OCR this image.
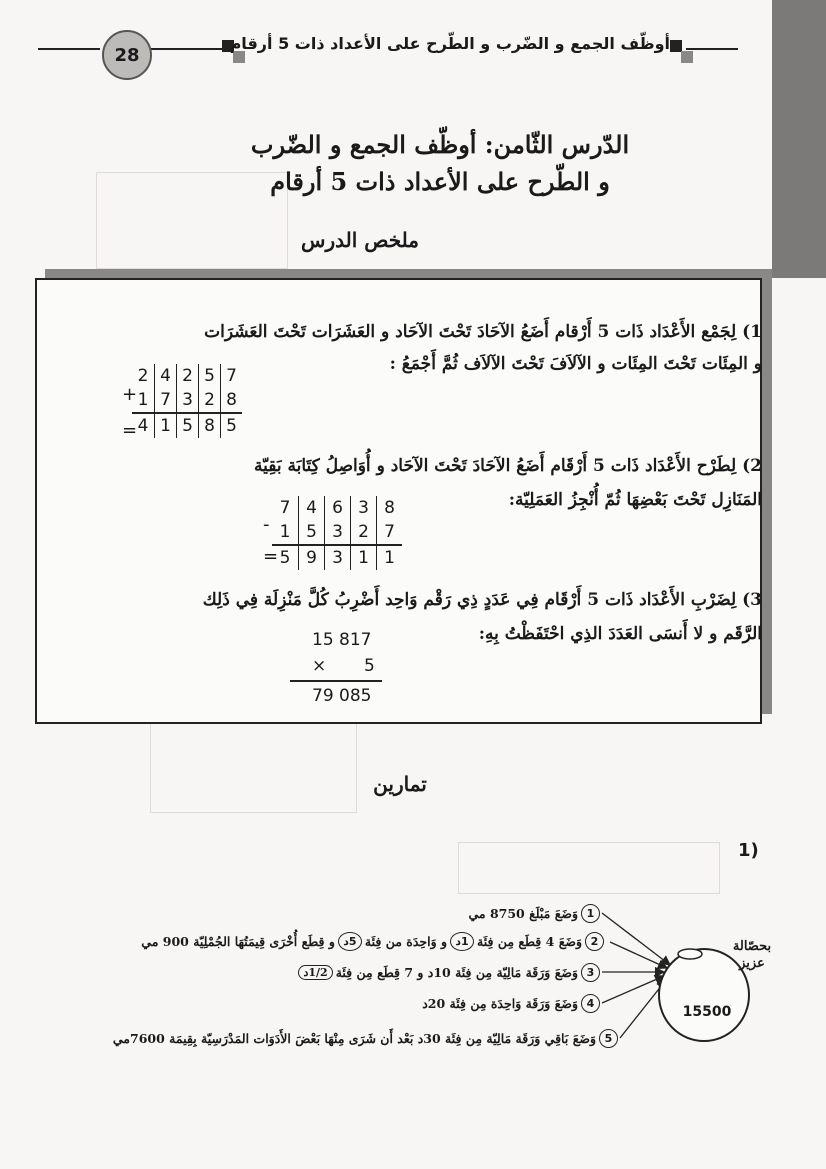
أوظّف الجمع و الضّرب و الطّرح على الأعداد ذات 5 أرقام
28
الدّرس الثّامن: أوظّف الجمع و الضّرب
و الطّرح على الأعداد ذات 5 أرقام
ملخص الدرس
1) لِجَمْع الأَعْدَاد ذَات 5 أَرْقام أَضَعُ الآحَادَ تَحْتَ الآحَاد و العَشَرَات تَحْتَ العَشَرَات
و المِئَات تَحْتَ المِئَات و الآلاَفَ تَحْتَ الآلاَف ثُمَّ أَجْمَعُ :
+
=
2 4 2 5 7
1 7 3 2 8
4 1 5 8 5
2) لِطَرْح الأَعْدَاد ذَات 5 أَرْقَام أَضَعُ الآحَادَ تَحْتَ الآحَاد و أُوَاصِلُ كِتَابَة بَقِيّة
المَنَازِل تَحْتَ بَعْضِهَا ثُمّ أُنْجِزُ العَمَلِيّة:
-
=
7 4 6 3 8
1 5 3 2 7
5 9 3 1 1
3) لِضَرْبِ الأَعْدَاد ذَات 5 أَرْقَام فِي عَدَدٍ ذِي رَقْم وَاحِد أَضْرِبُ كُلَّ مَنْزِلَة فِي ذَلِك
الرَّقَم و لا أَنسَى العَدَدَ الذِي احْتَفَظْتُ بِهِ:
15 817
× 5
79 085
تمارين
1)
بحصّالة
عزيز
15500
1
وَضَعَ مَبْلَغ 8750 مي
2
وَضَعَ 4 قِطَع مِن فِئَة
1د
و وَاحِدَة من فِئَة
5د
و قِطَع أُخْرَى قِيمَتُهَا الجُمْلِيّة 900 مي
3
وَضَعَ وَرَقَة مَالِيّة مِن فِئَة 10د و 7 قِطَع مِن فِئَة
1/2د
4
وَضَعَ وَرَقَة وَاحِدَة مِن فِئَة 20د
5
وَضَعَ بَاقِي وَرَقَة مَالِيّة مِن فِئَة 30د بَعْد أَن شَرَى مِنْهَا بَعْضَ الأَدَوَات المَدْرَسِيّة بِقِيمَة 7600مي
